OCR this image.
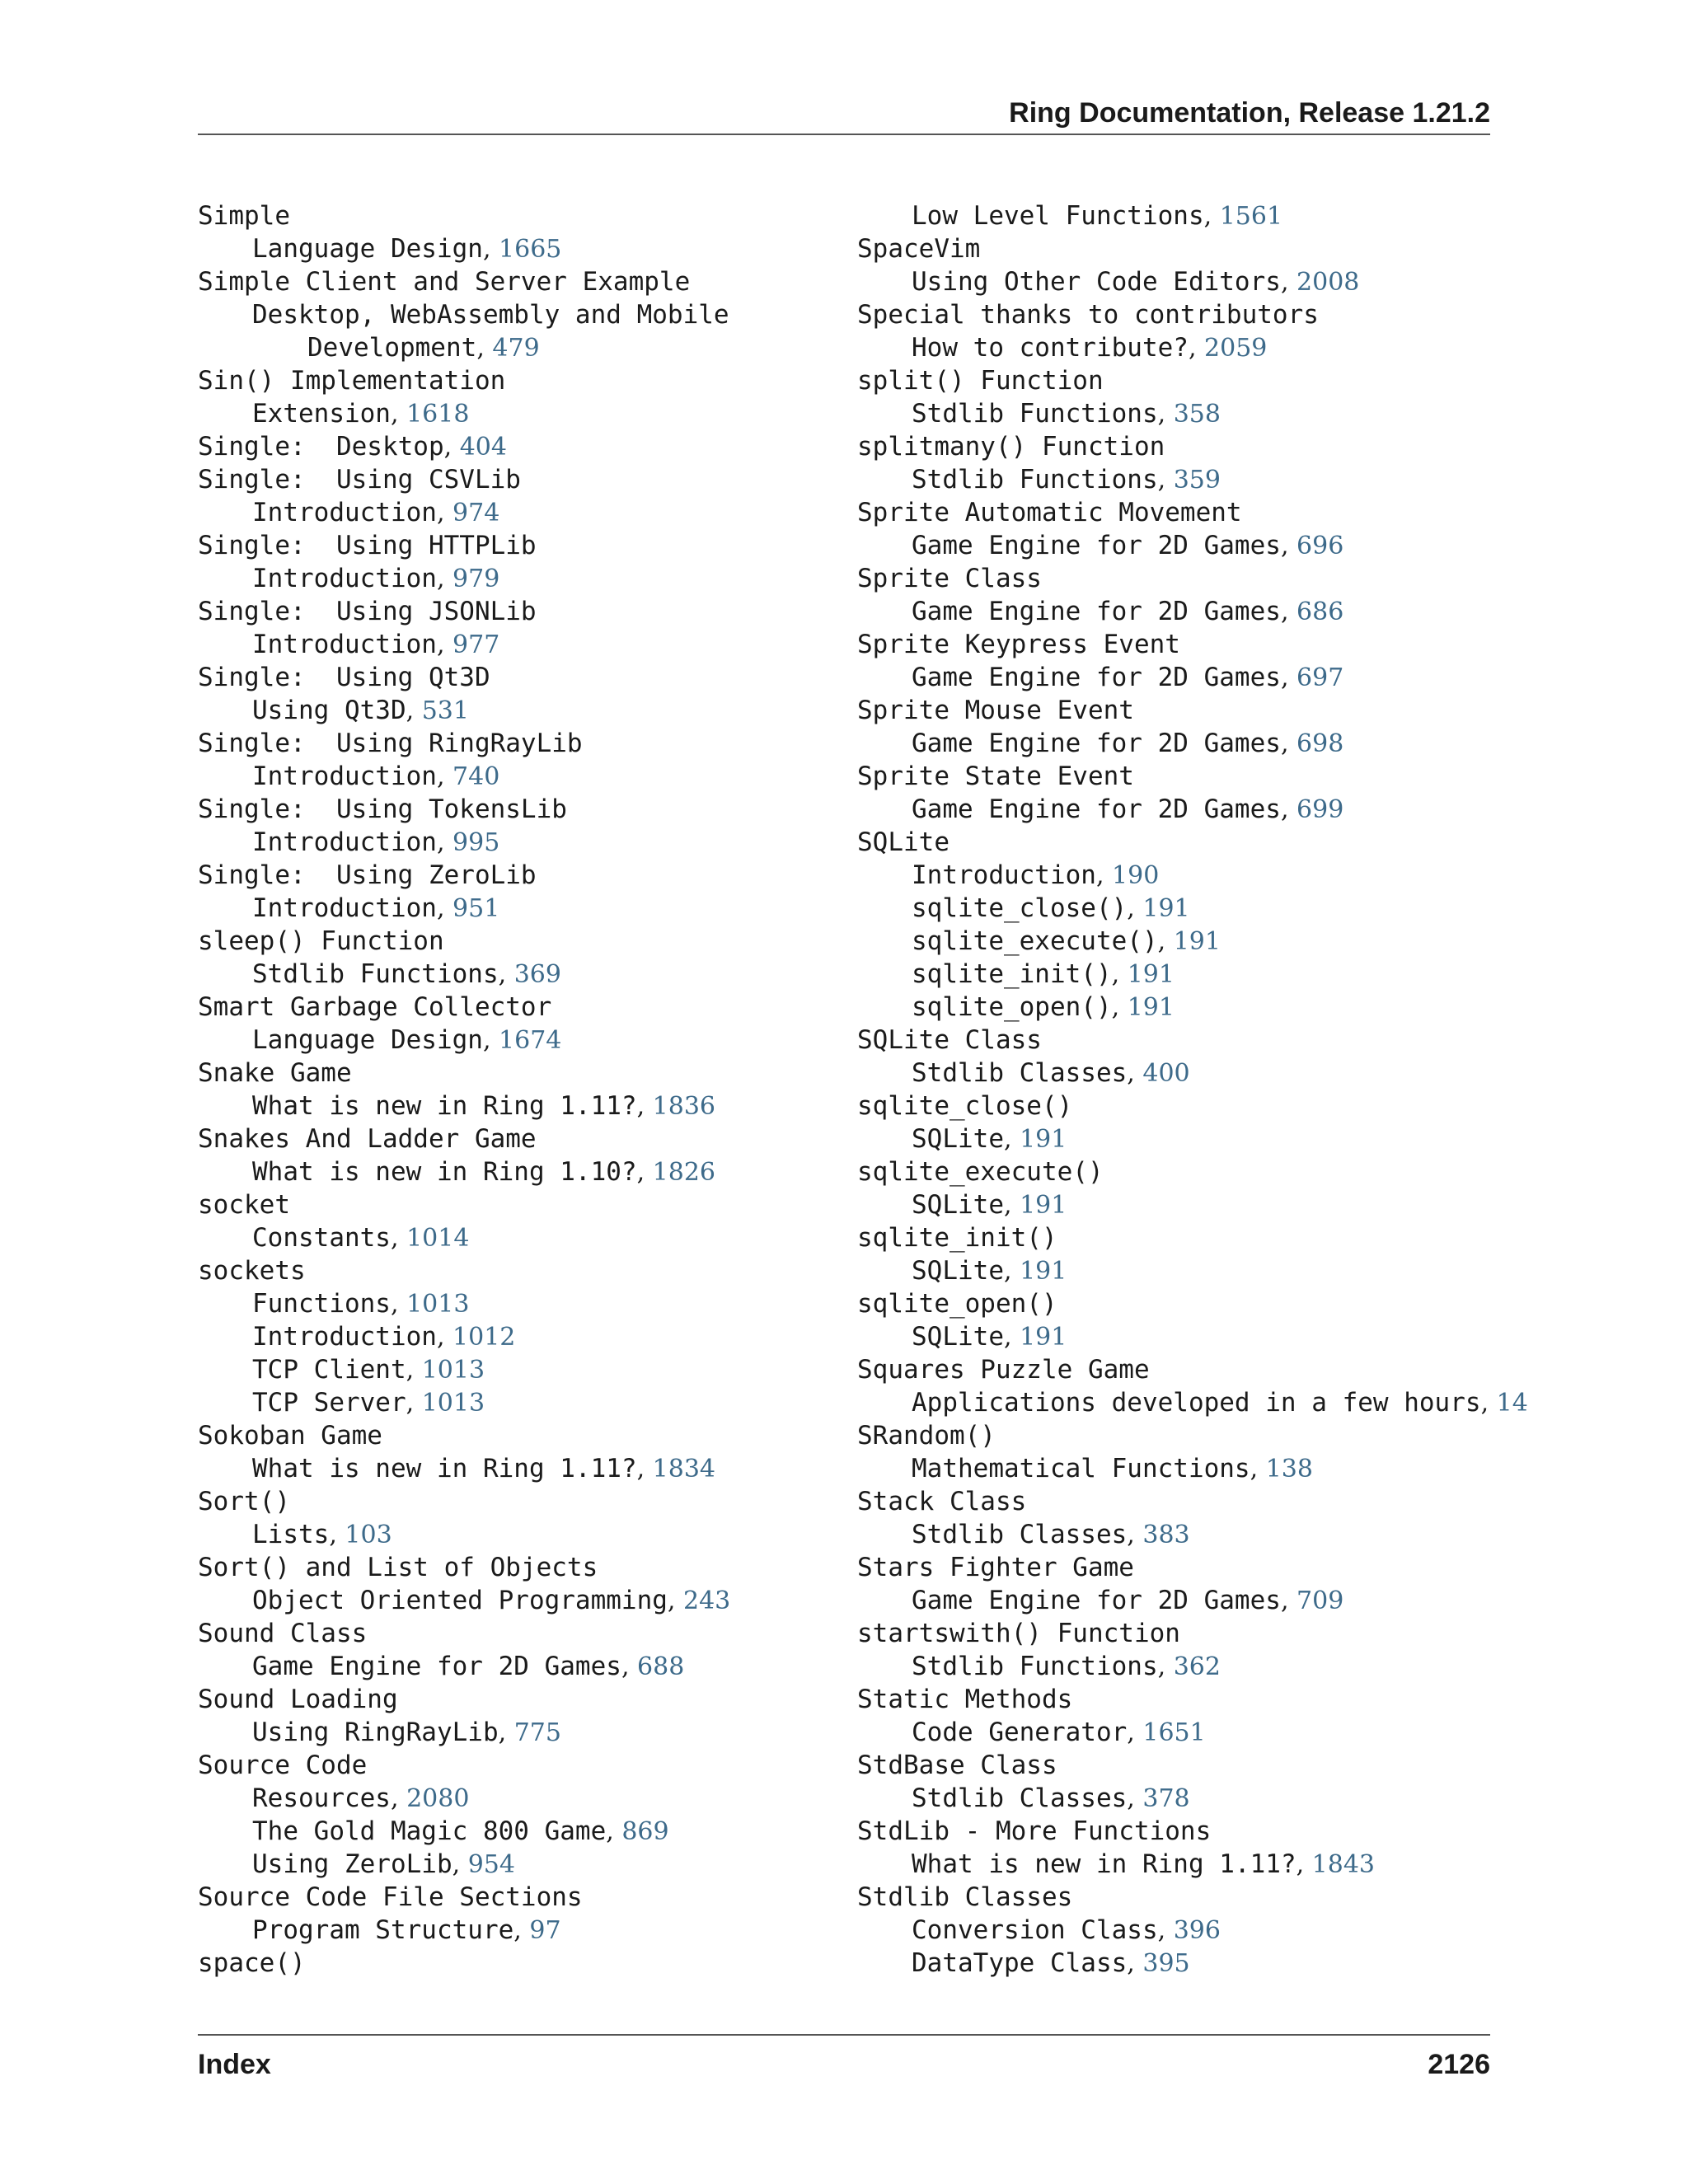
Ring Documentation, Release 1.21.2
Simple
Language Design, 1665
Simple Client and Server Example
Desktop, WebAssembly and Mobile
Development, 479
Sin() Implementation
Extension, 1618
Single:  Desktop, 404
Single:  Using CSVLib
Introduction, 974
Single:  Using HTTPLib
Introduction, 979
Single:  Using JSONLib
Introduction, 977
Single:  Using Qt3D
Using Qt3D, 531
Single:  Using RingRayLib
Introduction, 740
Single:  Using TokensLib
Introduction, 995
Single:  Using ZeroLib
Introduction, 951
sleep() Function
Stdlib Functions, 369
Smart Garbage Collector
Language Design, 1674
Snake Game
What is new in Ring 1.11?, 1836
Snakes And Ladder Game
What is new in Ring 1.10?, 1826
socket
Constants, 1014
sockets
Functions, 1013
Introduction, 1012
TCP Client, 1013
TCP Server, 1013
Sokoban Game
What is new in Ring 1.11?, 1834
Sort()
Lists, 103
Sort() and List of Objects
Object Oriented Programming, 243
Sound Class
Game Engine for 2D Games, 688
Sound Loading
Using RingRayLib, 775
Source Code
Resources, 2080
The Gold Magic 800 Game, 869
Using ZeroLib, 954
Source Code File Sections
Program Structure, 97
space()
Low Level Functions, 1561
SpaceVim
Using Other Code Editors, 2008
Special thanks to contributors
How to contribute?, 2059
split() Function
Stdlib Functions, 358
splitmany() Function
Stdlib Functions, 359
Sprite Automatic Movement
Game Engine for 2D Games, 696
Sprite Class
Game Engine for 2D Games, 686
Sprite Keypress Event
Game Engine for 2D Games, 697
Sprite Mouse Event
Game Engine for 2D Games, 698
Sprite State Event
Game Engine for 2D Games, 699
SQLite
Introduction, 190
sqlite_close(), 191
sqlite_execute(), 191
sqlite_init(), 191
sqlite_open(), 191
SQLite Class
Stdlib Classes, 400
sqlite_close()
SQLite, 191
sqlite_execute()
SQLite, 191
sqlite_init()
SQLite, 191
sqlite_open()
SQLite, 191
Squares Puzzle Game
Applications developed in a few hours, 14
SRandom()
Mathematical Functions, 138
Stack Class
Stdlib Classes, 383
Stars Fighter Game
Game Engine for 2D Games, 709
startswith() Function
Stdlib Functions, 362
Static Methods
Code Generator, 1651
StdBase Class
Stdlib Classes, 378
StdLib - More Functions
What is new in Ring 1.11?, 1843
Stdlib Classes
Conversion Class, 396
DataType Class, 395
Index	2126
